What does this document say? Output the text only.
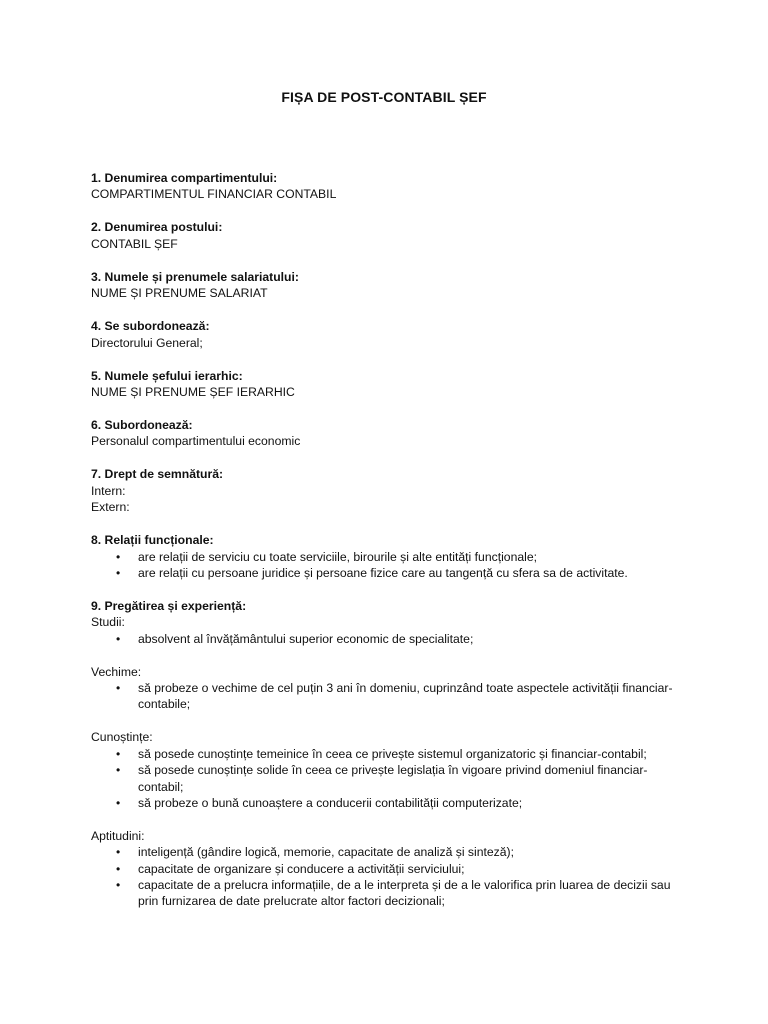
FIȘA DE POST-CONTABIL ȘEF
1. Denumirea compartimentului:
COMPARTIMENTUL FINANCIAR CONTABIL
2. Denumirea postului:
CONTABIL ȘEF
3. Numele și prenumele salariatului:
NUME ȘI PRENUME SALARIAT
4. Se subordonează:
Directorului General;
5. Numele șefului ierarhic:
NUME ȘI PRENUME ȘEF IERARHIC
6. Subordonează:
Personalul compartimentului economic
7. Drept de semnătură:
Intern:
Extern:
8. Relații funcționale:
• are relații de serviciu cu toate serviciile, birourile și alte entități funcționale;
• are relații cu persoane juridice și persoane fizice care au tangență cu sfera sa de activitate.
9. Pregătirea și experiență:
Studii:
• absolvent al învățământului superior economic de specialitate;
Vechime:
• să probeze o vechime de cel puțin 3 ani în domeniu, cuprinzând toate aspectele activității financiar-contabile;
Cunoștințe:
• să posede cunoștințe temeinice în ceea ce privește sistemul organizatoric și financiar-contabil;
• să posede cunoștințe solide în ceea ce privește legislația în vigoare privind domeniul financiar-contabil;
• să probeze o bună cunoaștere a conducerii contabilității computerizate;
Aptitudini:
• inteligență (gândire logică, memorie, capacitate de analiză și sinteză);
• capacitate de organizare și conducere a activității serviciului;
• capacitate de a prelucra informațiile, de a le interpreta și de a le valorifica prin luarea de decizii sau prin furnizarea de date prelucrate altor factori decizionali;
